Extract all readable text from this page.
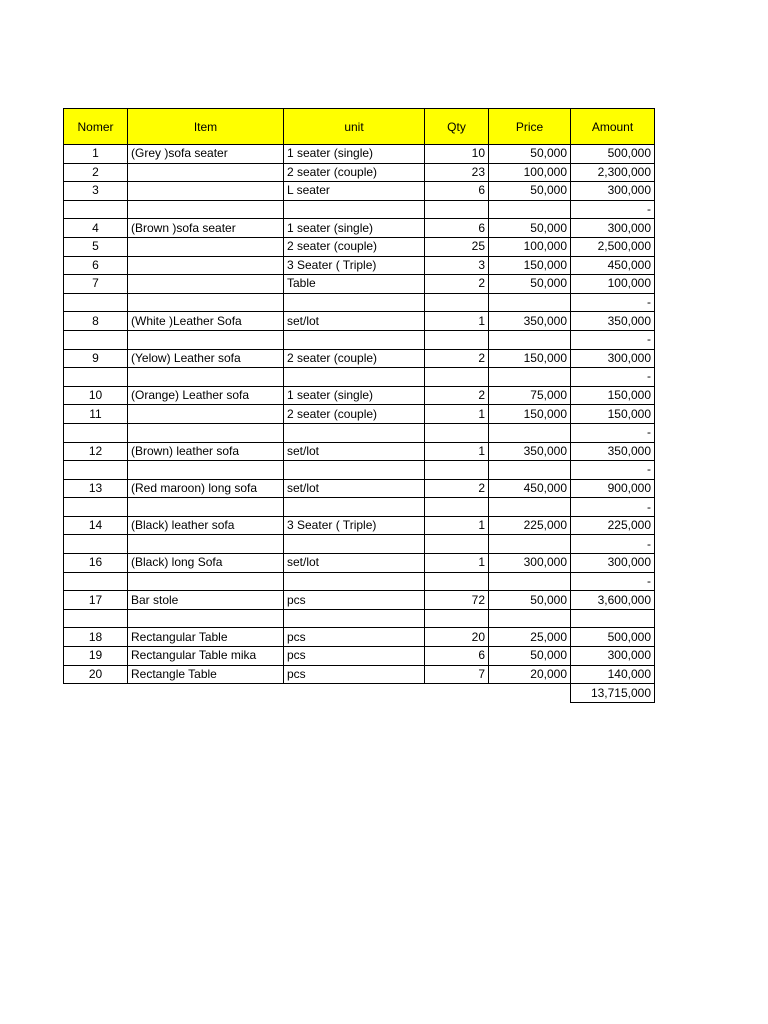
Nomer	Item	unit	Qty	Price	Amount
1	(Grey )sofa seater	1 seater (single)	10	50,000	500,000
2		2 seater (couple)	23	100,000	2,300,000
3		L seater	6	50,000	300,000
					-
4	(Brown )sofa seater	1 seater (single)	6	50,000	300,000
5		2 seater (couple)	25	100,000	2,500,000
6		3 Seater ( Triple)	3	150,000	450,000
7		Table	2	50,000	100,000
					-
8	(White )Leather Sofa	set/lot	1	350,000	350,000
					-
9	(Yelow) Leather sofa	2 seater (couple)	2	150,000	300,000
					-
10	(Orange) Leather sofa	1 seater (single)	2	75,000	150,000
11		2 seater (couple)	1	150,000	150,000
					-
12	(Brown) leather sofa	set/lot	1	350,000	350,000
					-
13	(Red maroon) long sofa	set/lot	2	450,000	900,000
					-
14	(Black) leather sofa	3 Seater ( Triple)	1	225,000	225,000
					-
16	(Black) long Sofa	set/lot	1	300,000	300,000
					-
17	Bar stole	pcs	72	50,000	3,600,000

18	Rectangular Table	pcs	20	25,000	500,000
19	Rectangular Table mika	pcs	6	50,000	300,000
20	Rectangle Table	pcs	7	20,000	140,000
					13,715,000
